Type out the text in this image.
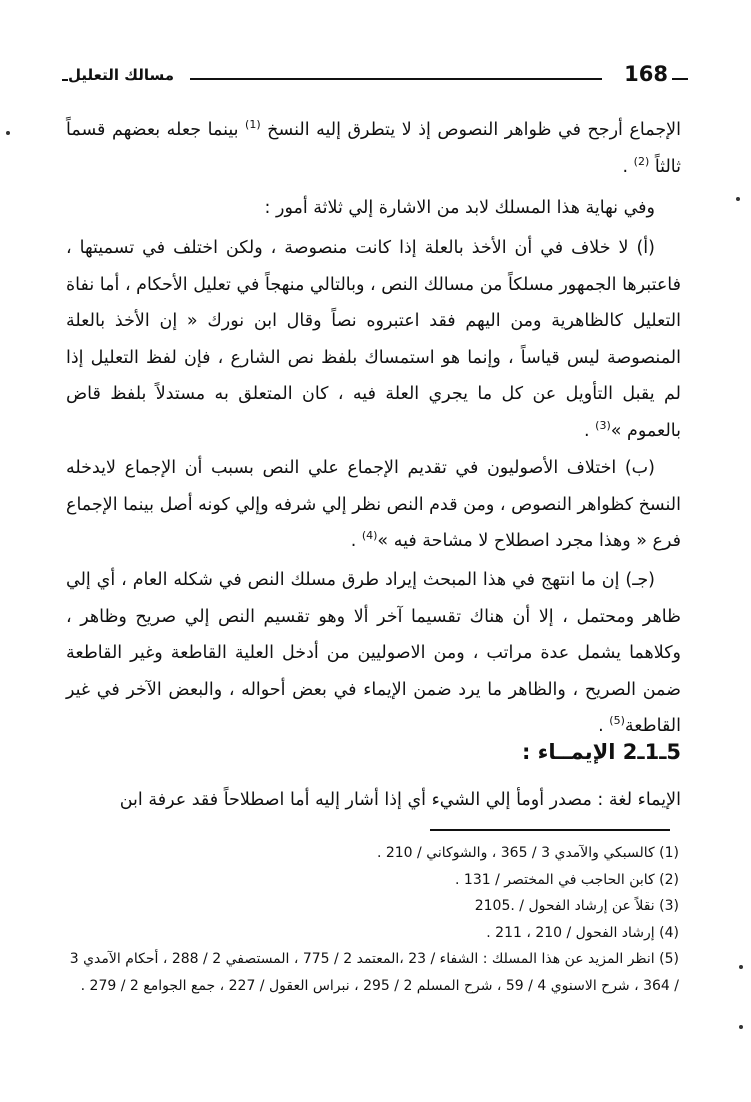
مسالك التعليل	168
الإجماع أرجح في ظواهر النصوص إذ لا يتطرق إليه النسخ $^{(1)}$ بينما جعله بعضهم قسماً ثالثاً $^{(2)}$ .
وفي نهاية هذا المسلك لابد من الاشارة إلي ثلاثة أمور :
(أ) لا خلاف في أن الأخذ بالعلة إذا كانت منصوصة ، ولكن اختلف في تسميتها ، فاعتبرها الجمهور مسلكاً من مسالك النص ، وبالتالي منهجاً في تعليل الأحكام ، أما نفاة التعليل كالظاهرية ومن اليهم فقد اعتبروه نصاً وقال ابن نورك « إن الأخذ بالعلة المنصوصة ليس قياساً ، وإنما هو استمساك بلفظ نص الشارع ، فإن لفظ التعليل إذا لم يقبل التأويل عن كل ما يجري العلة فيه ، كان المتعلق به مستدلاً بلفظ قاض بالعموم »$^{(3)}$ .
(ب) اختلاف الأصوليون في تقديم الإجماع علي النص بسبب أن الإجماع لايدخله النسخ كظواهر النصوص ، ومن قدم النص نظر إلي شرفه وإلي كونه أصل بينما الإجماع فرع « وهذا مجرد اصطلاح لا مشاحة فيه »$^{(4)}$ .
(جـ) إن ما انتهج في هذا المبحث إيراد طرق مسلك النص في شكله العام ، أي إلي ظاهر ومحتمل ، إلا أن هناك تقسيما آخر ألا وهو تقسيم النص إلي صريح وظاهر ، وكلاهما يشمل عدة مراتب ، ومن الاصوليين من أدخل العلية القاطعة وغير القاطعة ضمن الصريح ، والظاهر ما يرد ضمن الإيماء في بعض أحواله ، والبعض الآخر في غير القاطعة$^{(5)}$ .
5ـ1ـ2 الإيمــاء :
الإيماء لغة : مصدر أومأ إلي الشيء أي إذا أشار إليه أما اصطلاحاً فقد عرفة ابن

(1) كالسبكي والآمدي 3 / 365 ، والشوكاني / 210 .

(2) كابن الحاجب في المختصر / 131 .

(3) نقلاً عن إرشاد الفحول / .2105

(4) إرشاد الفحول / 210 ، 211 .

(5) انظر المزيد عن هذا المسلك : الشفاء / 23 ،المعتمد 2 / 775 ، المستصفي 2 / 288 ، أحكام الآمدي 3 / 364 ، شرح الاسنوي 4 / 59 ، شرح المسلم 2 / 295 ، نبراس العقول / 227 ، جمع الجوامع 2 / 279 .
